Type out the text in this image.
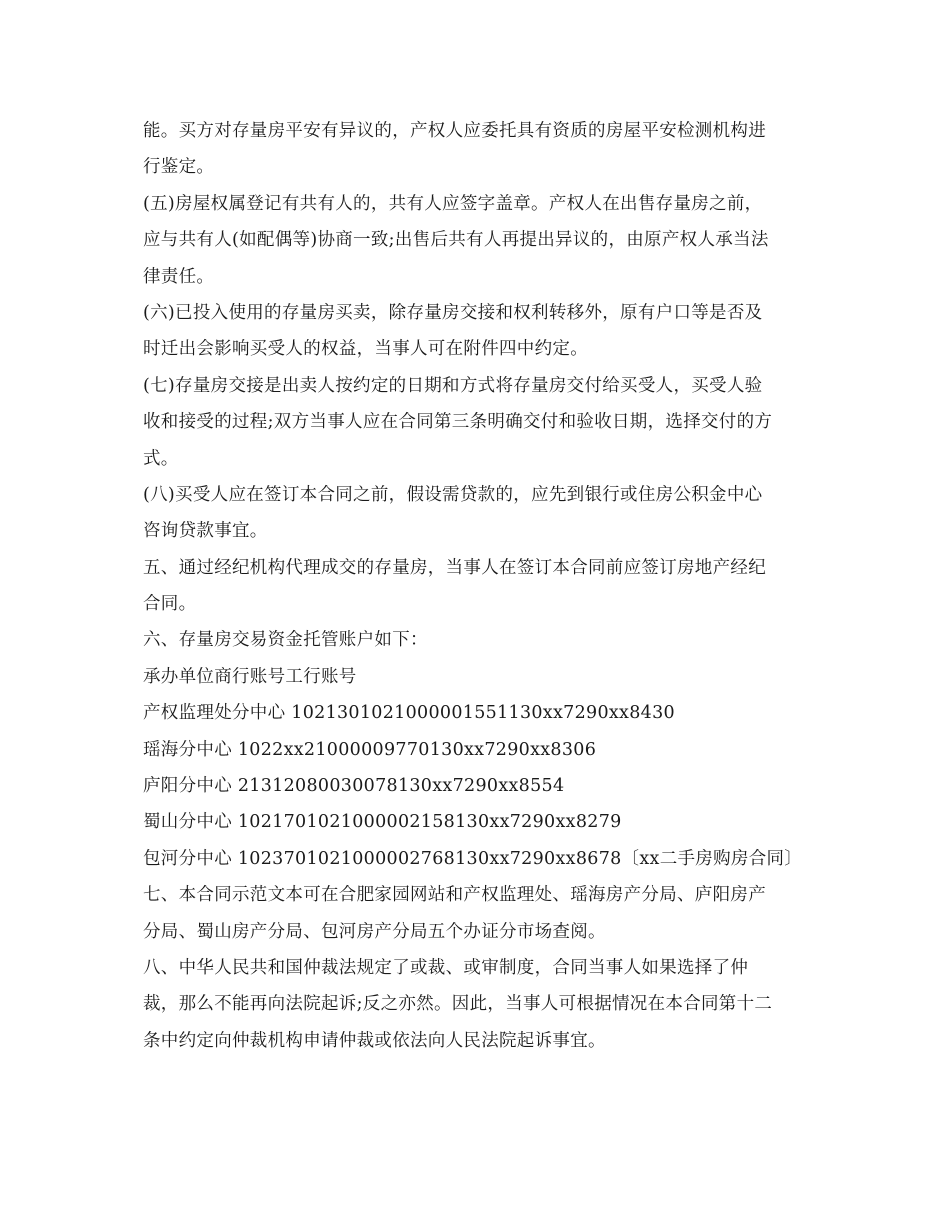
能。买方对存量房平安有异议的，产权人应委托具有资质的房屋平安检测机构进
行鉴定。
(五)房屋权属登记有共有人的，共有人应签字盖章。产权人在出售存量房之前，
应与共有人(如配偶等)协商一致;出售后共有人再提出异议的，由原产权人承当法
律责任。
(六)已投入使用的存量房买卖，除存量房交接和权利转移外，原有户口等是否及
时迁出会影响买受人的权益，当事人可在附件四中约定。
(七)存量房交接是出卖人按约定的日期和方式将存量房交付给买受人，买受人验
收和接受的过程;双方当事人应在合同第三条明确交付和验收日期，选择交付的方
式。
(八)买受人应在签订本合同之前，假设需贷款的，应先到银行或住房公积金中心
咨询贷款事宜。
五、通过经纪机构代理成交的存量房，当事人在签订本合同前应签订房地产经纪
合同。
六、存量房交易资金托管账户如下：
承办单位商行账号工行账号
产权监理处分中心 1021301021000001551130xx7290xx8430
瑶海分中心 1022xx21000009770130xx7290xx8306
庐阳分中心 21312080030078130xx7290xx8554
蜀山分中心 1021701021000002158130xx7290xx8279
包河分中心 1023701021000002768130xx7290xx8678〔xx二手房购房合同〕
七、本合同示范文本可在合肥家园网站和产权监理处、瑶海房产分局、庐阳房产
分局、蜀山房产分局、包河房产分局五个办证分市场查阅。
八、中华人民共和国仲裁法规定了或裁、或审制度，合同当事人如果选择了仲
裁，那么不能再向法院起诉;反之亦然。因此，当事人可根据情况在本合同第十二
条中约定向仲裁机构申请仲裁或依法向人民法院起诉事宜。
